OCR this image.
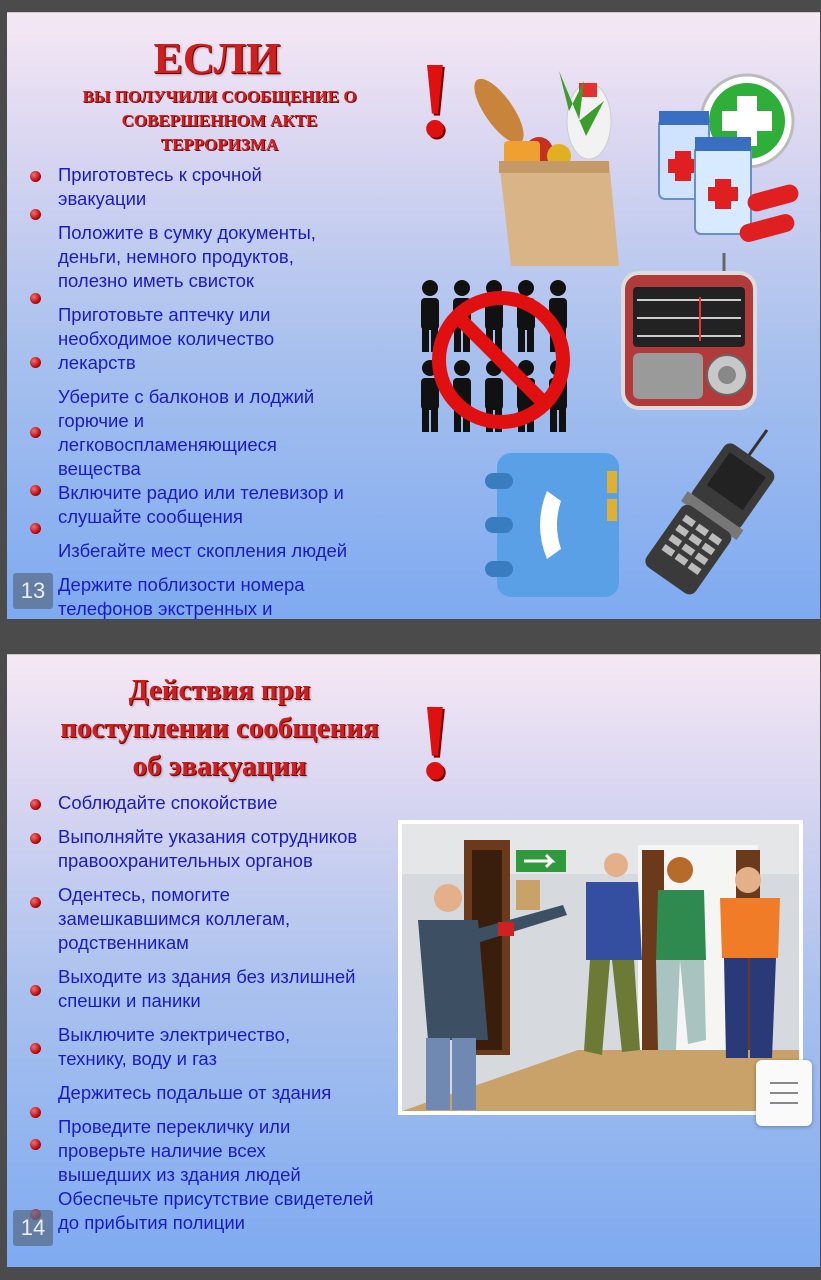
ЕСЛИ
ВЫ ПОЛУЧИЛИ СООБЩЕНИЕ О
СОВЕРШЕННОМ АКТЕ
ТЕРРОРИЗМА
Приготовтесь к срочной эвакуации
Положите в сумку документы, деньги, немного продуктов, полезно иметь свисток
Приготовьте аптечку или необходимое количество лекарств
Уберите с балконов и лоджий горючие и легковоспламеняющиеся вещества
Включите радио или телевизор и слушайте сообщения
Избегайте мест скопления людей
Держите поблизости номера телефонов экстренных и
!
13
Действия при
поступлении сообщения
об эвакуации	!
Соблюдайте спокойствие
Выполняйте указания сотрудников правоохранительных органов
Одентесь, помогите замешкавшимся коллегам, родственникам
Выходите из здания без излишней спешки и паники
Выключите электричество, технику, воду и газ
Держитесь подальше от здания
Проведите перекличку или проверьте наличие всех вышедших из здания людей
Обеспечьте присутствие свидетелей до прибытия полиции
14
